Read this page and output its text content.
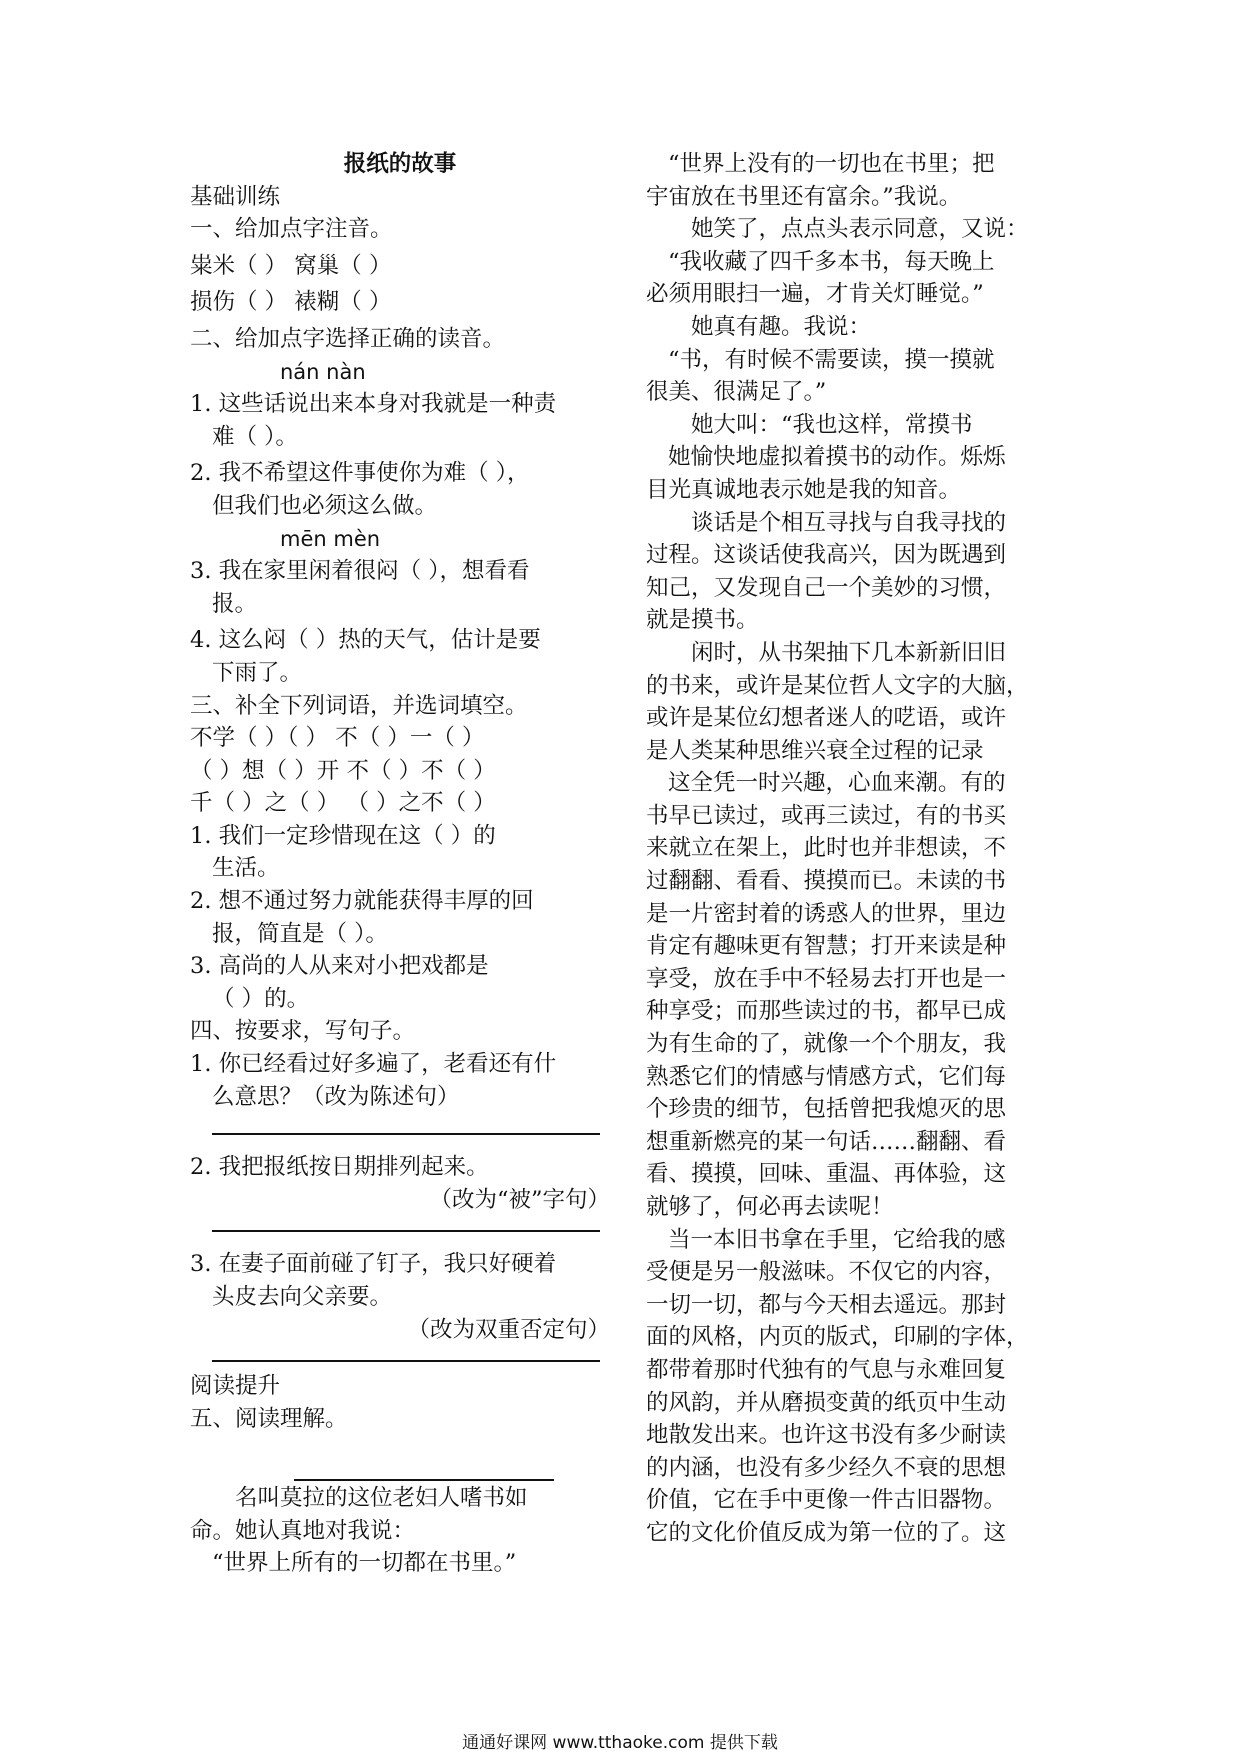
报纸的故事
基础训练
一、给加点字注音。
粜米（ ） 窝巢（ ）
损伤（ ） 裱糊（ ）
二、给加点字选择正确的读音。
nán nàn
1. 这些话说出来本身对我就是一种责
难（ ）。
2. 我不希望这件事使你为难（ ），
但我们也必须这么做。
mēn mèn
3. 我在家里闲着很闷（ ），想看看
报。
4. 这么闷（ ）热的天气，估计是要
下雨了。
三、补全下列词语，并选词填空。
不学（ ）（ ） 不（ ）一（ ）
（ ）想（ ）开 不（ ）不（ ）
千（ ）之（ ） （ ）之不（ ）
1. 我们一定珍惜现在这（ ）的
生活。
2. 想不通过努力就能获得丰厚的回
报，简直是（ ）。
3. 高尚的人从来对小把戏都是
（ ）的。
四、按要求，写句子。
1. 你已经看过好多遍了，老看还有什
么意思？（改为陈述句）
2. 我把报纸按日期排列起来。
（改为“被”字句）
3. 在妻子面前碰了钉子，我只好硬着
头皮去向父亲要。
（改为双重否定句）
阅读提升
五、阅读理解。
名叫莫拉的这位老妇人嗜书如
命。她认真地对我说：
“世界上所有的一切都在书里。”
“世界上没有的一切也在书里；把
宇宙放在书里还有富余。”我说。
她笑了，点点头表示同意，又说：
“我收藏了四千多本书，每天晚上
必须用眼扫一遍，才肯关灯睡觉。”
她真有趣。我说：
“书，有时候不需要读，摸一摸就
很美、很满足了。”
她大叫：“我也这样，常摸书
她愉快地虚拟着摸书的动作。烁烁
目光真诚地表示她是我的知音。
谈话是个相互寻找与自我寻找的
过程。这谈话使我高兴，因为既遇到
知己，又发现自己一个美妙的习惯，
就是摸书。
闲时，从书架抽下几本新新旧旧
的书来，或许是某位哲人文字的大脑，
或许是某位幻想者迷人的呓语，或许
是人类某种思维兴衰全过程的记录
这全凭一时兴趣，心血来潮。有的
书早已读过，或再三读过，有的书买
来就立在架上，此时也并非想读，不
过翻翻、看看、摸摸而已。未读的书
是一片密封着的诱惑人的世界，里边
肯定有趣味更有智慧；打开来读是种
享受，放在手中不轻易去打开也是一
种享受；而那些读过的书，都早已成
为有生命的了，就像一个个朋友，我
熟悉它们的情感与情感方式，它们每
个珍贵的细节，包括曾把我熄灭的思
想重新燃亮的某一句话……翻翻、看
看、摸摸，回味、重温、再体验，这
就够了，何必再去读呢！
当一本旧书拿在手里，它给我的感
受便是另一般滋味。不仅它的内容，
一切一切，都与今天相去遥远。那封
面的风格，内页的版式，印刷的字体，
都带着那时代独有的气息与永难回复
的风韵，并从磨损变黄的纸页中生动
地散发出来。也许这书没有多少耐读
的内涵，也没有多少经久不衰的思想
价值，它在手中更像一件古旧器物。
它的文化价值反成为第一位的了。这
通通好课网 www.tthaoke.com 提供下载
